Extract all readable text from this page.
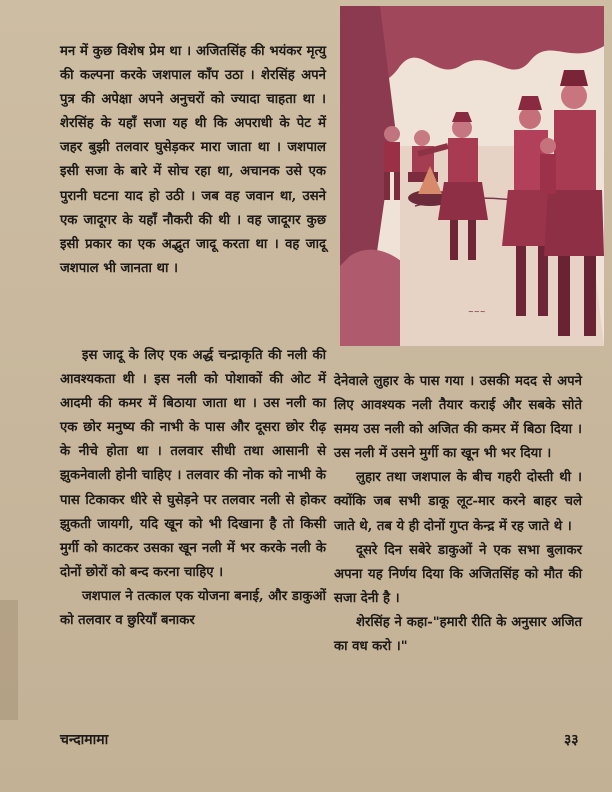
मन में कुछ विशेष प्रेम था । अजितसिंह की भयंकर मृत्यु की कल्पना करके जशपाल काँप उठा । शेरसिंह अपने पुत्र की अपेक्षा अपने अनुचरों को ज्यादा चाहता था । शेरसिंह के यहाँ सजा यह थी कि अपराधी के पेट में जहर बुझी तलवार घुसेड़कर मारा जाता था । जशपाल इसी सजा के बारे में सोच रहा था, अचानक उसे एक पुरानी घटना याद हो उठी । जब वह जवान था, उसने एक जादूगर के यहाँ नौकरी की थी । वह जादूगर कुछ इसी प्रकार का एक अद्भुत जादू करता था । वह जादू जशपाल भी जानता था ।

~~~

इस जादू के लिए एक अर्द्ध चन्द्राकृति की नली की आवश्यकता थी । इस नली को पोशाकों की ओट में आदमी की कमर में बिठाया जाता था । उस नली का एक छोर मनुष्य की नाभी के पास और दूसरा छोर रीढ़ के नीचे होता था । तलवार सीधी तथा आसानी से झुकनेवाली होनी चाहिए । तलवार की नोक को नाभी के पास टिकाकर धीरे से घुसेड़ने पर तलवार नली से होकर झुकती जायगी, यदि खून को भी दिखाना है तो किसी मुर्गी को काटकर उसका खून नली में भर करके नली के दोनों छोरों को बन्द करना चाहिए ।

जशपाल ने तत्काल एक योजना बनाई, और डाकुओं को तलवार व छुरियाँ बनाकर

देनेवाले लुहार के पास गया । उसकी मदद से अपने लिए आवश्यक नली तैयार कराई और सबके सोते समय उस नली को अजित की कमर में बिठा दिया । उस नली में उसने मुर्गी का खून भी भर दिया ।

लुहार तथा जशपाल के बीच गहरी दोस्ती थी । क्योंकि जब सभी डाकू लूट-मार करने बाहर चले जाते थे, तब ये ही दोनों गुप्त केन्द्र में रह जाते थे ।

दूसरे दिन सबेरे डाकुओं ने एक सभा बुलाकर अपना यह निर्णय दिया कि अजितसिंह को मौत की सजा देनी है ।

शेरसिंह ने कहा-"हमारी रीति के अनुसार अजित का वध करो ।"

चन्दामामा	३३
